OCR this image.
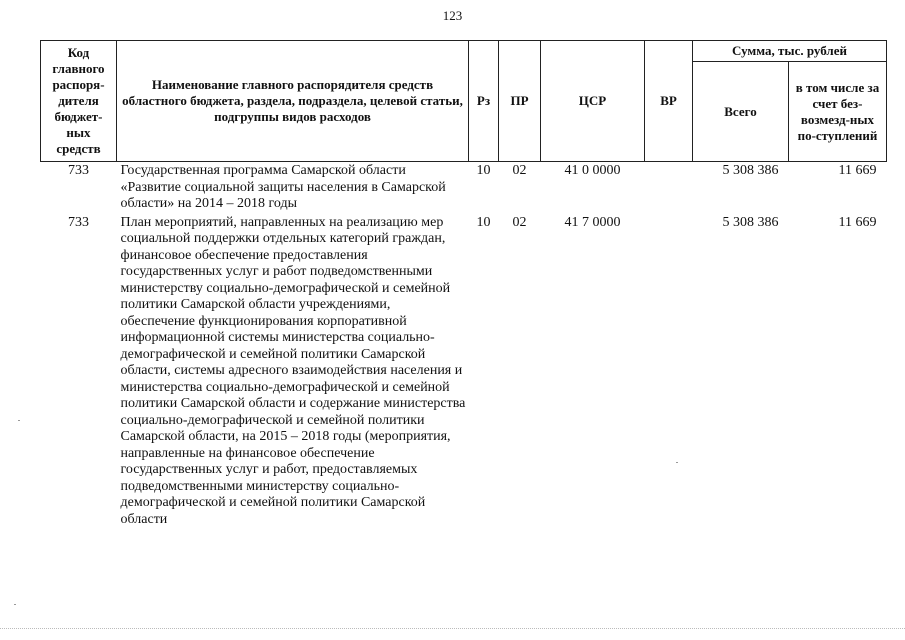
123
Код главного распоря-дителя бюджет-ных средств	Наименование главного распорядителя средств областного бюджета, раздела, подраздела, целевой статьи, подгруппы видов расходов	Рз	ПР	ЦСР	ВР	Сумма, тыс. рублей	
						Всего	в том числе за счет без-возмезд-ных по-ступлений
733	Государственная программа Самарской области «Развитие социальной защиты населения в Самарской области» на 2014 – 2018 годы	10	02	41 0 0000		5 308 386	11 669
733	План мероприятий, направленных на реализацию мер социальной поддержки отдельных категорий граждан, финансовое обеспечение предоставления государственных услуг и работ подведомственными министерству социально-демографической и семейной политики Самарской области учреждениями, обеспечение функционирования корпоративной информационной системы министерства социально-демографической и семейной политики Самарской области, системы адресного взаимодействия населения и министерства социально-демографической и семейной политики Самарской области и содержание министерства социально-демографической и семейной политики Самарской области, на 2015 – 2018 годы (мероприятия, направленные на финансовое обеспечение государственных услуг и работ, предоставляемых подведомственными министерству социально-демографической и семейной политики Самарской области	10	02	41 7 0000		5 308 386	11 669
